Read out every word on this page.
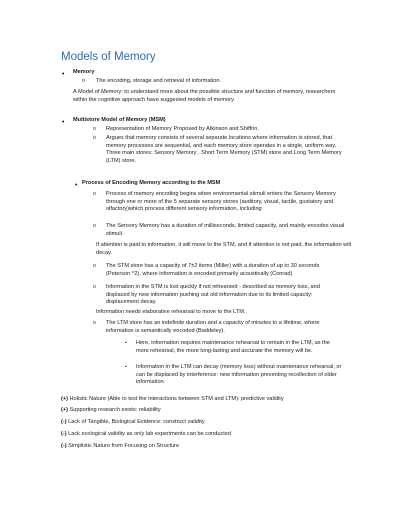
Models of Memory
• Memory
o The encoding, storage and retrieval of information.
A Model of Memory: to understand more about the possible structure and function of memory, researchers within the cognitive approach have suggested models of memory.
• Multistore Model of Memory (MSM)
o Representation of Memory Proposed by Atkinson and Shiffrin.
o Argues that memory consists of several separate locations where information is stored, that memory processes are sequential, and each memory store operates in a single, uniform way. Three main stores: Sensory Memory , Short Term Memory (STM) store and Long Term Memory (LTM) store.
• Process of Encoding Memory according to the MSM
o Process of memory encoding begins when environmental stimuli enters the Sensory Memory through one or more of the 5 separate sensory stores (auditory, visual, tactile, gustatory and olfactory)which process different sensory information, including
o The Sensory Memory has a duration of milliseconds, limited capacity, and mainly encodes visual stimuli.
If attention is paid to information, it will move to the STM, and if attention is not paid, the information will decay.
o The STM store has a capacity of 7±2 items (Miller) with a duration of up to 30 seconds (Peterson ^2), where information is encoded primarily acoustically (Conrad)
o Information in the STM is lost quickly if not rehearsed - described as memory loss, and displaced by new information pushing out old information due to its limited capacity: displacement decay.
Information needs elaborative rehearsal to move to the LTM.
o The LTM store has an indefinite duration and a capacity of minutes to a lifetime, where information is semantically encoded (Baddeley).
▪ Here, information requires maintenance rehearsal to remain in the LTM, as the more rehearsal, the more long-lasting and accurate the memory will be.
▪ Information in the LTM can decay (memory loss) without maintenance rehearsal, or can be displaced by interference: new information preventing recollection of older information.
(+) Holistic Nature (Able to test the interactions between STM and LTM): predictive validity
(+) Supporting research exists: reliability
(-) Lack of Tangible, Biological Evidence: construct validity
(-) Lack ecological validity as only lab experiments can be conducted
(-) Simplistic Nature from Focusing on Structure
